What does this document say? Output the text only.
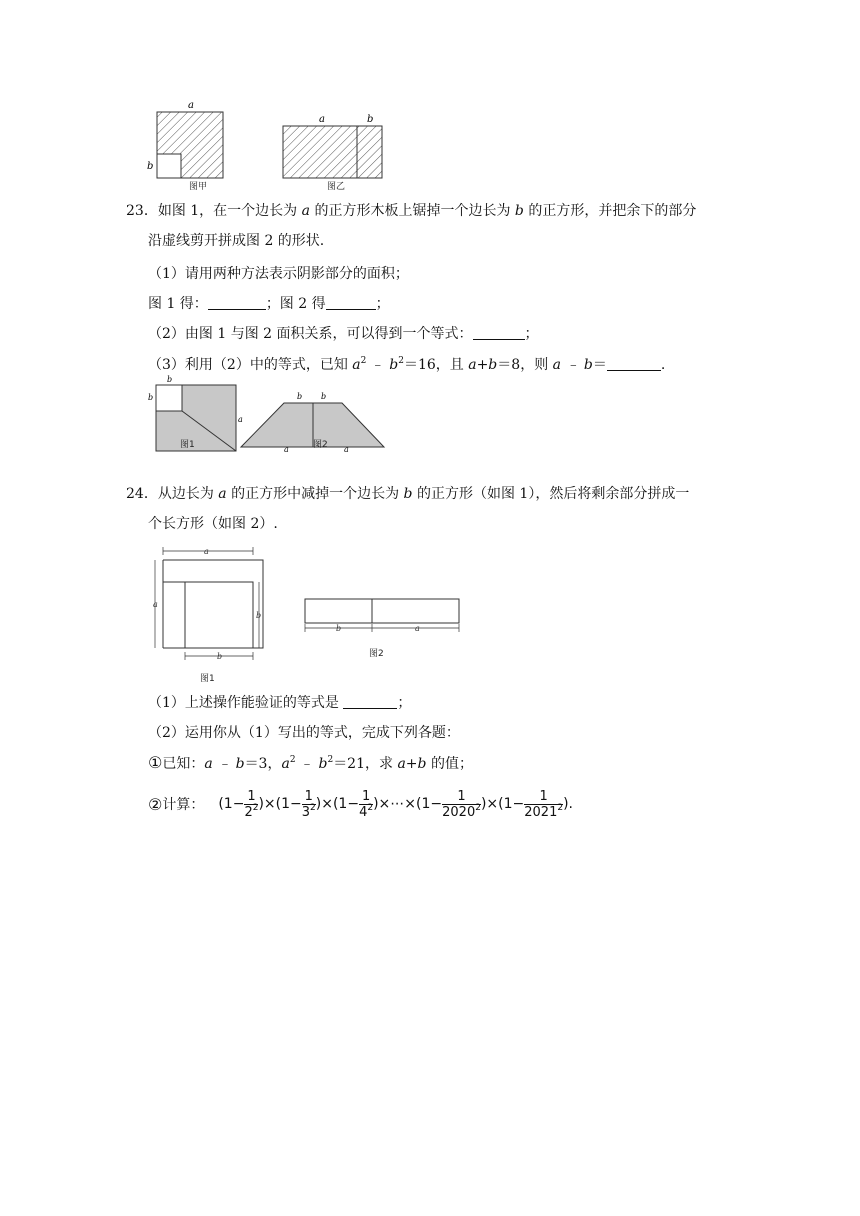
a
b
图甲
a	b
图乙
23．如图 1，在一个边长为 a 的正方形木板上锯掉一个边长为 b 的正方形，并把余下的部分
沿虚线剪开拼成图 2 的形状.
（1）请用两种方法表示阴影部分的面积；
图 1 得：	；图 2 得	；
（2）由图 1 与图 2 面积关系，可以得到一个等式：	；
（3）利用（2）中的等式，已知 $a^2$ ﹣ $b^2=16$，且 a+b＝8，则 a ﹣ b＝	.
b
b
a
图1
b b
a	a
图2
24．从边长为 a 的正方形中减掉一个边长为 b 的正方形（如图 1），然后将剩余部分拼成一
个长方形（如图 2）.
a
a
b
b
图1
b	a
图2
（1）上述操作能验证的等式是	；
（2）运用你从（1）写出的等式，完成下列各题：
①已知：a ﹣ b＝3，$a^2$ ﹣ $b^2=21$，求 a+b 的值；
② 计算： $(1- \frac{1}{2^2} )\times(1- \frac{1}{3^2} )\times(1- \frac{1}{4^2}$ )×⋯×(1− $\frac{1}{2020^2} )\times(1- \frac{1}{2021^2}$ ).
